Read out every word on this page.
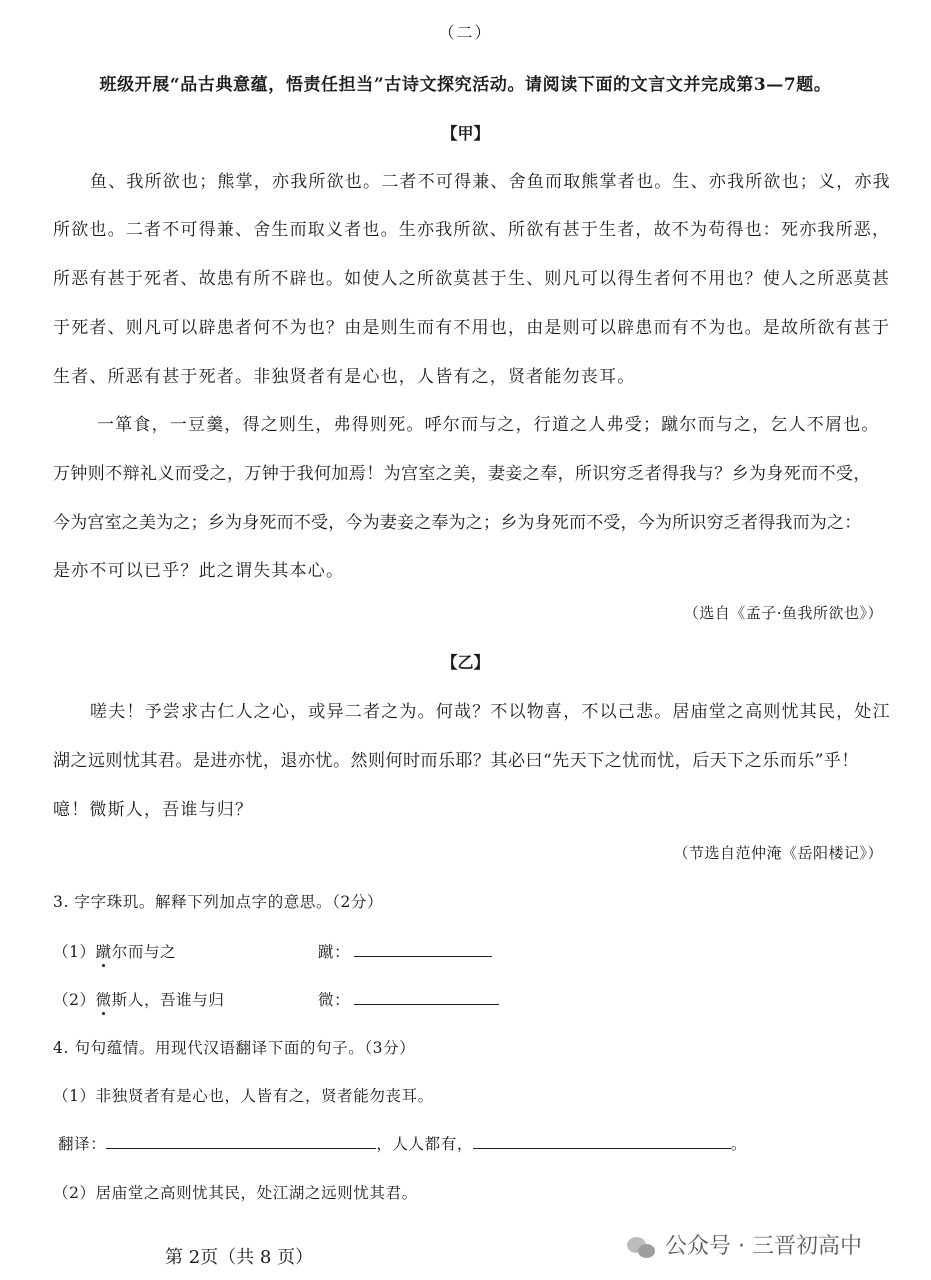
（二）
班级开展“品古典意蕴，悟责任担当”古诗文探究活动。请阅读下面的文言文并完成第3—7题。
【甲】
鱼、我所欲也；熊掌，亦我所欲也。二者不可得兼、舍鱼而取熊掌者也。生、亦我所欲也；义，亦我
所欲也。二者不可得兼、舍生而取义者也。生亦我所欲、所欲有甚于生者，故不为苟得也：死亦我所恶，
所恶有甚于死者、故患有所不辟也。如使人之所欲莫甚于生、则凡可以得生者何不用也？使人之所恶莫甚
于死者、则凡可以辟患者何不为也？由是则生而有不用也，由是则可以辟患而有不为也。是故所欲有甚于
生者、所恶有甚于死者。非独贤者有是心也，人皆有之，贤者能勿丧耳。
一箪食，一豆羹，得之则生，弗得则死。呼尔而与之，行道之人弗受；蹴尔而与之，乞人不屑也。
万钟则不辩礼义而受之，万钟于我何加焉！为宫室之美，妻妾之奉，所识穷乏者得我与？乡为身死而不受，
今为宫室之美为之；乡为身死而不受，今为妻妾之奉为之；乡为身死而不受，今为所识穷乏者得我而为之：
是亦不可以已乎？此之谓失其本心。
（选自《孟子·鱼我所欲也》）
【乙】
嗟夫！予尝求古仁人之心，或异二者之为。何哉？不以物喜，不以己悲。居庙堂之高则忧其民，处江
湖之远则忧其君。是进亦忧，退亦忧。然则何时而乐耶？其必曰“先天下之忧而忧，后天下之乐而乐”乎！
噫！微斯人，吾谁与归？
（节选自范仲淹《岳阳楼记》）
3. 字字珠玑。解释下列加点字的意思。（2分）
（1）蹴尔而与之	蹴：
（2）微斯人，吾谁与归	微：
4. 句句蕴情。用现代汉语翻译下面的句子。（3分）
（1）非独贤者有是心也，人皆有之，贤者能勿丧耳。
翻译：	，人人都有，	。
（2）居庙堂之高则忧其民，处江湖之远则忧其君。
第 2页（共 8 页）	公众号 · 三晋初高中
